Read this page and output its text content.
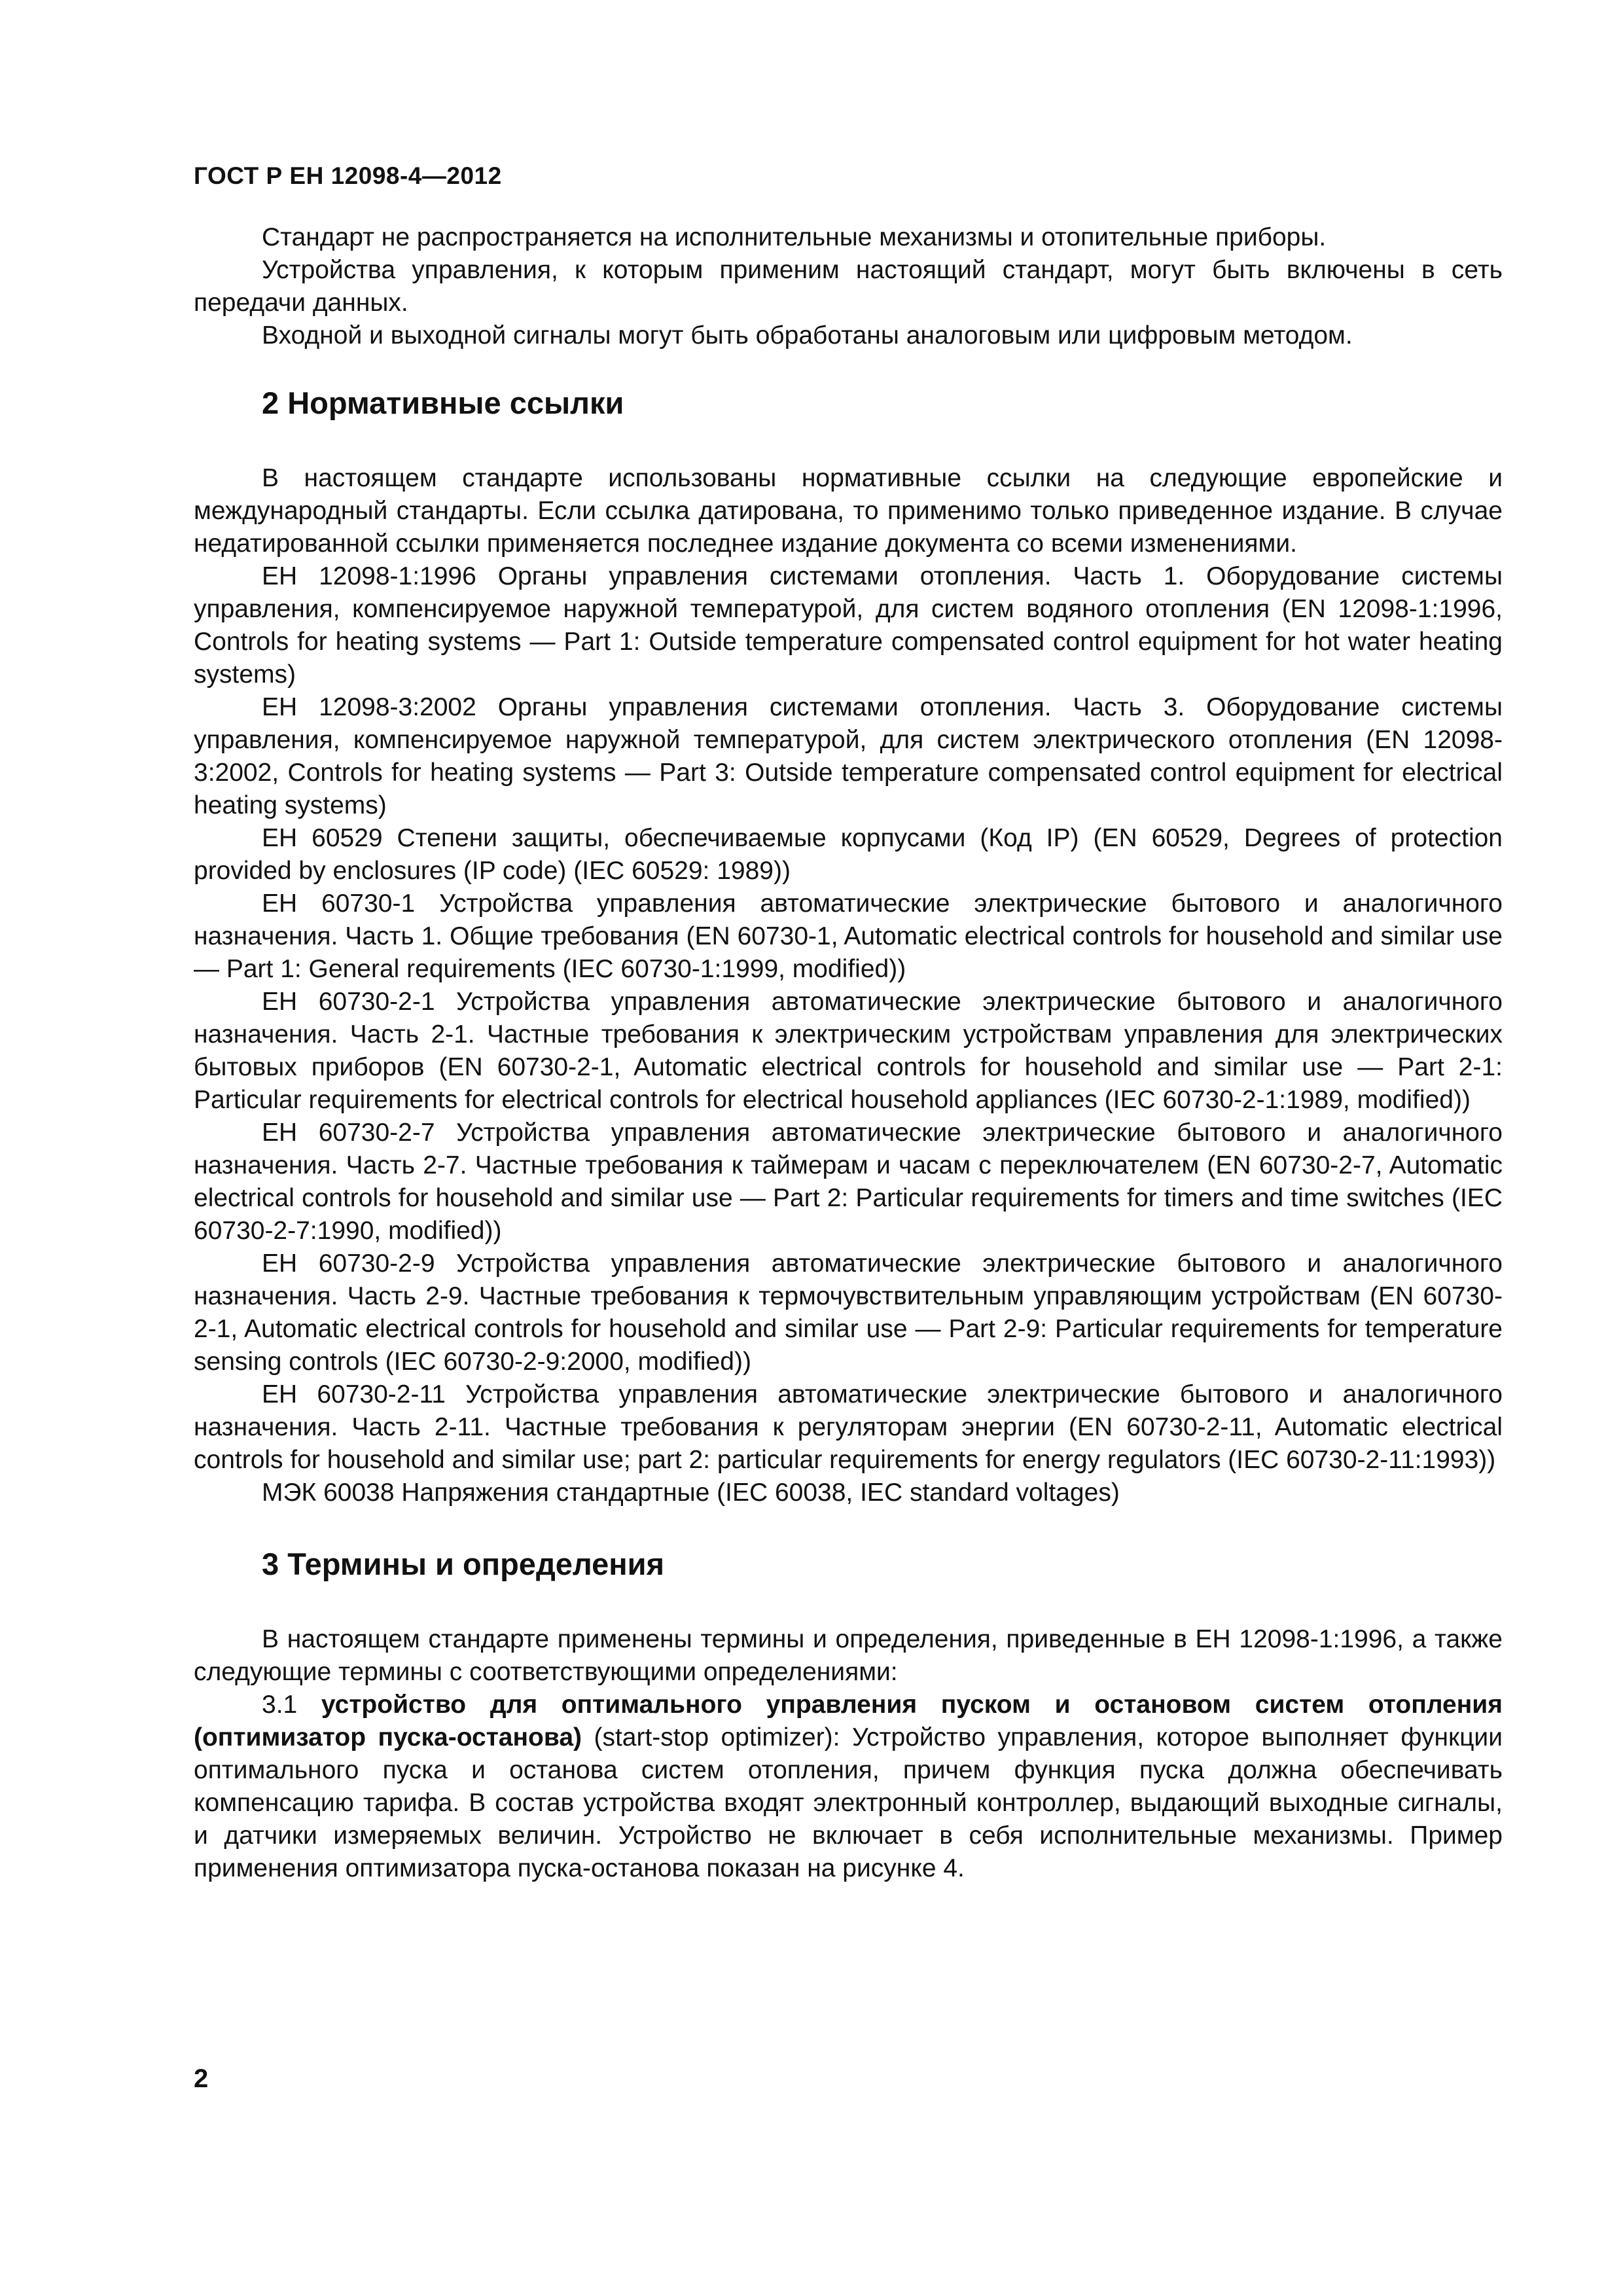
ГОСТ Р ЕН 12098-4—2012

Стандарт не распространяется на исполнительные механизмы и отопительные приборы.

Устройства управления, к которым применим настоящий стандарт, могут быть включены в сеть передачи данных.

Входной и выходной сигналы могут быть обработаны аналоговым или цифровым методом.

2 Нормативные ссылки

В настоящем стандарте использованы нормативные ссылки на следующие европейские и международный стандарты. Если ссылка датирована, то применимо только приведенное издание. В случае недатированной ссылки применяется последнее издание документа со всеми изменениями.

ЕН 12098-1:1996 Органы управления системами отопления. Часть 1. Оборудование системы управления, компенсируемое наружной температурой, для систем водяного отопления (EN 12098-1:1996, Controls for heating systems — Part 1: Outside temperature compensated control equipment for hot water heating systems)

ЕН 12098-3:2002 Органы управления системами отопления. Часть 3. Оборудование системы управления, компенсируемое наружной температурой, для систем электрического отопления (EN 12098-3:2002, Controls for heating systems — Part 3: Outside temperature compensated control equipment for electrical heating systems)

ЕН 60529 Степени защиты, обеспечиваемые корпусами (Код IP) (EN 60529, Degrees of protection provided by enclosures (IP code) (IEC 60529: 1989))

ЕН 60730-1 Устройства управления автоматические электрические бытового и аналогичного назначения. Часть 1. Общие требования (EN 60730-1, Automatic electrical controls for household and similar use — Part 1: General requirements (IEC 60730-1:1999, modified))

ЕН 60730-2-1 Устройства управления автоматические электрические бытового и аналогичного назначения. Часть 2-1. Частные требования к электрическим устройствам управления для электрических бытовых приборов (EN 60730-2-1, Automatic electrical controls for household and similar use — Part 2-1: Particular requirements for electrical controls for electrical household appliances (IEC 60730-2-1:1989, modified))

ЕН 60730-2-7 Устройства управления автоматические электрические бытового и аналогичного назначения. Часть 2-7. Частные требования к таймерам и часам с переключателем (EN 60730-2-7, Automatic electrical controls for household and similar use — Part 2: Particular requirements for timers and time switches (IEC 60730-2-7:1990, modified))

ЕН 60730-2-9 Устройства управления автоматические электрические бытового и аналогичного назначения. Часть 2-9. Частные требования к термочувствительным управляющим устройствам (EN 60730-2-1, Automatic electrical controls for household and similar use — Part 2-9: Particular requirements for temperature sensing controls (IEC 60730-2-9:2000, modified))

ЕН 60730-2-11 Устройства управления автоматические электрические бытового и аналогичного назначения. Часть 2-11. Частные требования к регуляторам энергии (EN 60730-2-11, Automatic electrical controls for household and similar use; part 2: particular requirements for energy regulators (IEC 60730-2-11:1993))

МЭК 60038 Напряжения стандартные (IEC 60038, IEC standard voltages)

3 Термины и определения

В настоящем стандарте применены термины и определения, приведенные в ЕН 12098-1:1996, а также следующие термины с соответствующими определениями:

3.1 устройство для оптимального управления пуском и остановом систем отопления (оптимизатор пуска-останова) (start-stop optimizer): Устройство управления, которое выполняет функции оптимального пуска и останова систем отопления, причем функция пуска должна обеспечивать компенсацию тарифа. В состав устройства входят электронный контроллер, выдающий выходные сигналы, и датчики измеряемых величин. Устройство не включает в себя исполнительные механизмы. Пример применения оптимизатора пуска-останова показан на рисунке 4.

2
